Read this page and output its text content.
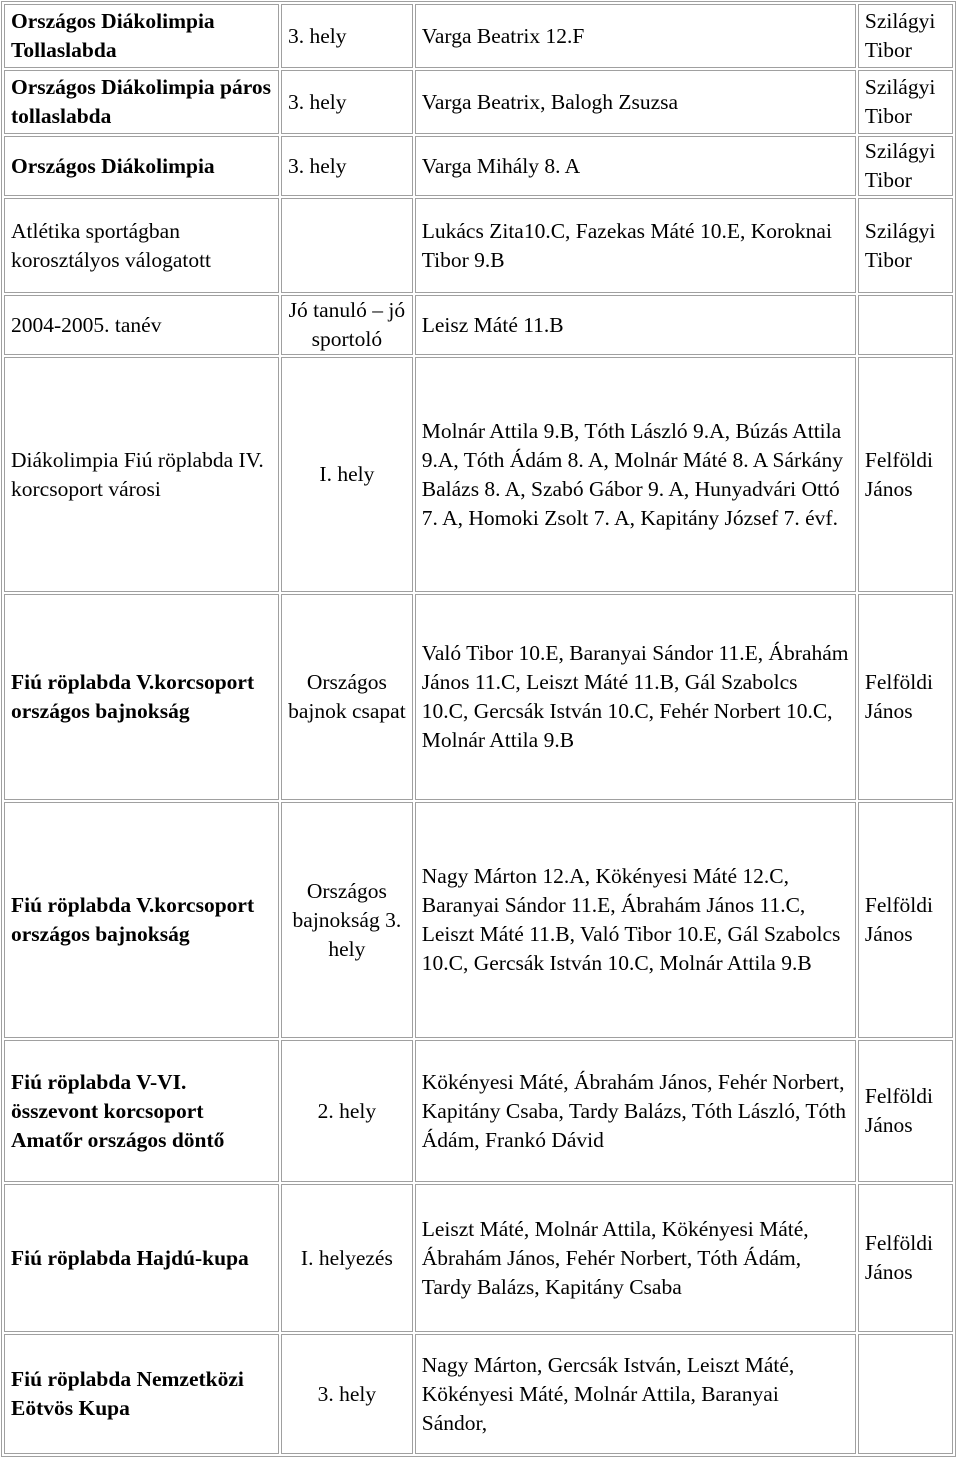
Országos Diákolimpia Tollaslabda	3. hely	Varga Beatrix 12.F	Szilágyi Tibor
Országos Diákolimpia páros tollaslabda	3. hely	Varga Beatrix, Balogh Zsuzsa	Szilágyi Tibor
Országos Diákolimpia	3. hely	Varga Mihály 8. A	Szilágyi Tibor
Atlétika sportágban korosztályos válogatott		Lukács Zita10.C, Fazekas Máté 10.E, Koroknai Tibor 9.B	Szilágyi Tibor
2004-2005. tanév	Jó tanuló – jó sportoló	Leisz Máté 11.B	
Diákolimpia Fiú röplabda IV. korcsoport városi	I. hely	Molnár Attila 9.B, Tóth László 9.A, Búzás Attila 9.A, Tóth Ádám 8. A, Molnár Máté 8. A Sárkány Balázs 8. A, Szabó Gábor 9. A, Hunyadvári Ottó 7. A, Homoki Zsolt 7. A, Kapitány József 7. évf.	Felföldi János
Fiú röplabda V.korcsoport országos bajnokság	Országos bajnok csapat	Való Tibor 10.E, Baranyai Sándor 11.E, Ábrahám János 11.C, Leiszt Máté 11.B, Gál Szabolcs 10.C, Gercsák István 10.C, Fehér Norbert 10.C, Molnár Attila 9.B	Felföldi János
Fiú röplabda V.korcsoport országos bajnokság	Országos bajnokság 3. hely	Nagy Márton 12.A, Kökényesi Máté 12.C, Baranyai Sándor 11.E, Ábrahám János 11.C, Leiszt Máté 11.B, Való Tibor 10.E, Gál Szabolcs 10.C, Gercsák István 10.C, Molnár Attila 9.B	Felföldi János
Fiú röplabda V-VI. összevont korcsoport Amatőr országos döntő	2. hely	Kökényesi Máté, Ábrahám János, Fehér Norbert, Kapitány Csaba, Tardy Balázs, Tóth László, Tóth Ádám, Frankó Dávid	Felföldi János
Fiú röplabda Hajdú-kupa	I. helyezés	Leiszt Máté, Molnár Attila, Kökényesi Máté, Ábrahám János, Fehér Norbert, Tóth Ádám, Tardy Balázs, Kapitány Csaba	Felföldi János
Fiú röplabda Nemzetközi Eötvös Kupa	3. hely	Nagy Márton, Gercsák István, Leiszt Máté, Kökényesi Máté, Molnár Attila, Baranyai Sándor,	
